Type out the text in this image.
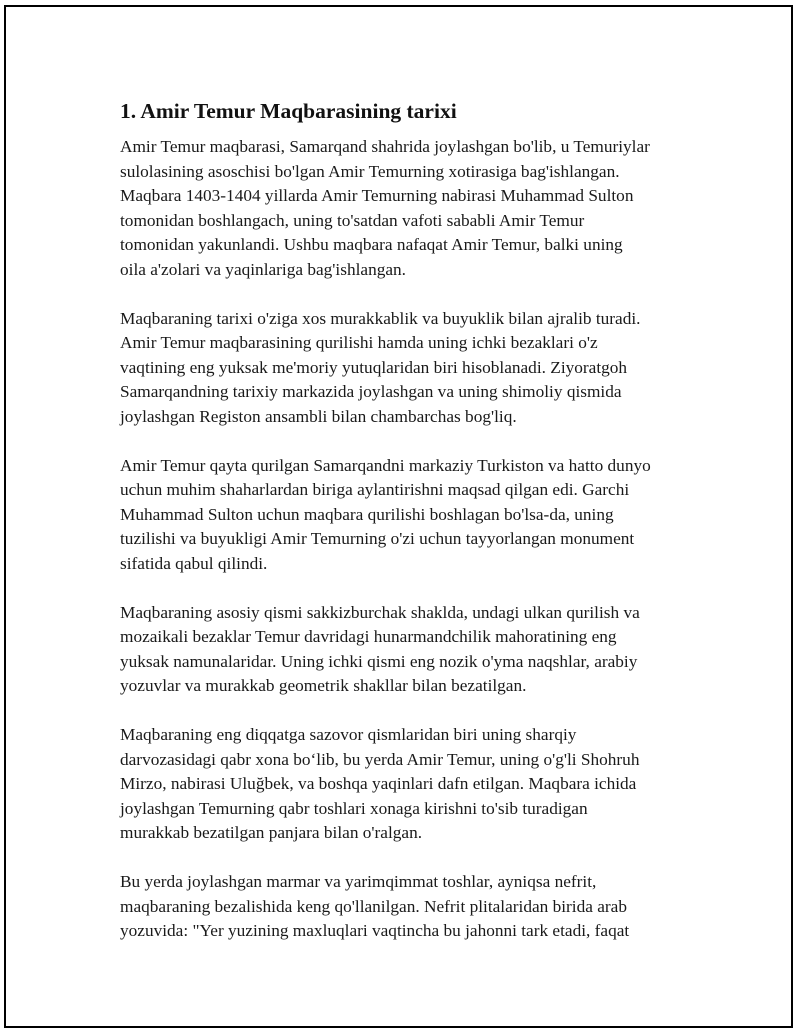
1. Amir Temur Maqbarasining tarixi

Amir Temur maqbarasi, Samarqand shahrida joylashgan bo'lib, u Temuriylar
sulolasining asoschisi bo'lgan Amir Temurning xotirasiga bag'ishlangan.
Maqbara 1403-1404 yillarda Amir Temurning nabirasi Muhammad Sulton
tomonidan boshlangach, uning to'satdan vafoti sababli Amir Temur
tomonidan yakunlandi. Ushbu maqbara nafaqat Amir Temur, balki uning
oila a'zolari va yaqinlariga bag'ishlangan.

Maqbaraning tarixi o'ziga xos murakkablik va buyuklik bilan ajralib turadi.
Amir Temur maqbarasining qurilishi hamda uning ichki bezaklari o'z
vaqtining eng yuksak me'moriy yutuqlaridan biri hisoblanadi. Ziyoratgoh
Samarqandning tarixiy markazida joylashgan va uning shimoliy qismida
joylashgan Registon ansambli bilan chambarchas bog'liq.

Amir Temur qayta qurilgan Samarqandni markaziy Turkiston va hatto dunyo
uchun muhim shaharlardan biriga aylantirishni maqsad qilgan edi. Garchi
Muhammad Sulton uchun maqbara qurilishi boshlagan bo'lsa-da, uning
tuzilishi va buyukligi Amir Temurning o'zi uchun tayyorlangan monument
sifatida qabul qilindi.

Maqbaraning asosiy qismi sakkizburchak shaklda, undagi ulkan qurilish va
mozaikali bezaklar Temur davridagi hunarmandchilik mahoratining eng
yuksak namunalaridar. Uning ichki qismi eng nozik o'yma naqshlar, arabiy
yozuvlar va murakkab geometrik shakllar bilan bezatilgan.

Maqbaraning eng diqqatga sazovor qismlaridan biri uning sharqiy
darvozasidagi qabr xona bo‘lib, bu yerda Amir Temur, uning o'g'li Shohruh
Mirzo, nabirasi Uluğbek, va boshqa yaqinlari dafn etilgan. Maqbara ichida
joylashgan Temurning qabr toshlari xonaga kirishni to'sib turadigan
murakkab bezatilgan panjara bilan o'ralgan.

Bu yerda joylashgan marmar va yarimqimmat toshlar, ayniqsa nefrit,
maqbaraning bezalishida keng qo'llanilgan. Nefrit plitalaridan birida arab
yozuvida: "Yer yuzining maxluqlari vaqtincha bu jahonni tark etadi, faqat
